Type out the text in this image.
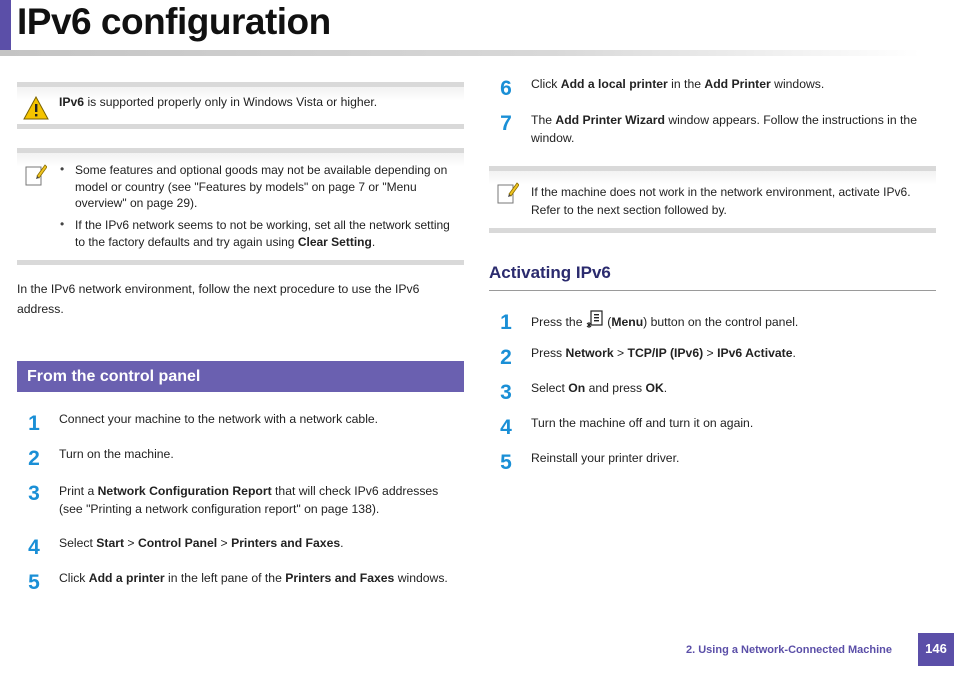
IPv6 configuration
IPv6 is supported properly only in Windows Vista or higher.
• Some features and optional goods may not be available depending on model or country (see "Features by models" on page 7 or "Menu overview" on page 29).
• If the IPv6 network seems to not be working, set all the network setting to the factory defaults and try again using Clear Setting.
In the IPv6 network environment, follow the next procedure to use the IPv6 address.
From the control panel
1	Connect your machine to the network with a network cable.
2	Turn on the machine.
3	Print a Network Configuration Report that will check IPv6 addresses (see "Printing a network configuration report" on page 138).
4	Select Start > Control Panel > Printers and Faxes.
5	Click Add a printer in the left pane of the Printers and Faxes windows.
6	Click Add a local printer in the Add Printer windows.
7	The Add Printer Wizard window appears. Follow the instructions in the window.
If the machine does not work in the network environment, activate IPv6. Refer to the next section followed by.
Activating IPv6
1	Press the  (Menu) button on the control panel.
2	Press Network > TCP/IP (IPv6) > IPv6 Activate.
3	Select On and press OK.
4	Turn the machine off and turn it on again.
5	Reinstall your printer driver.
2. Using a Network-Connected Machine	146
